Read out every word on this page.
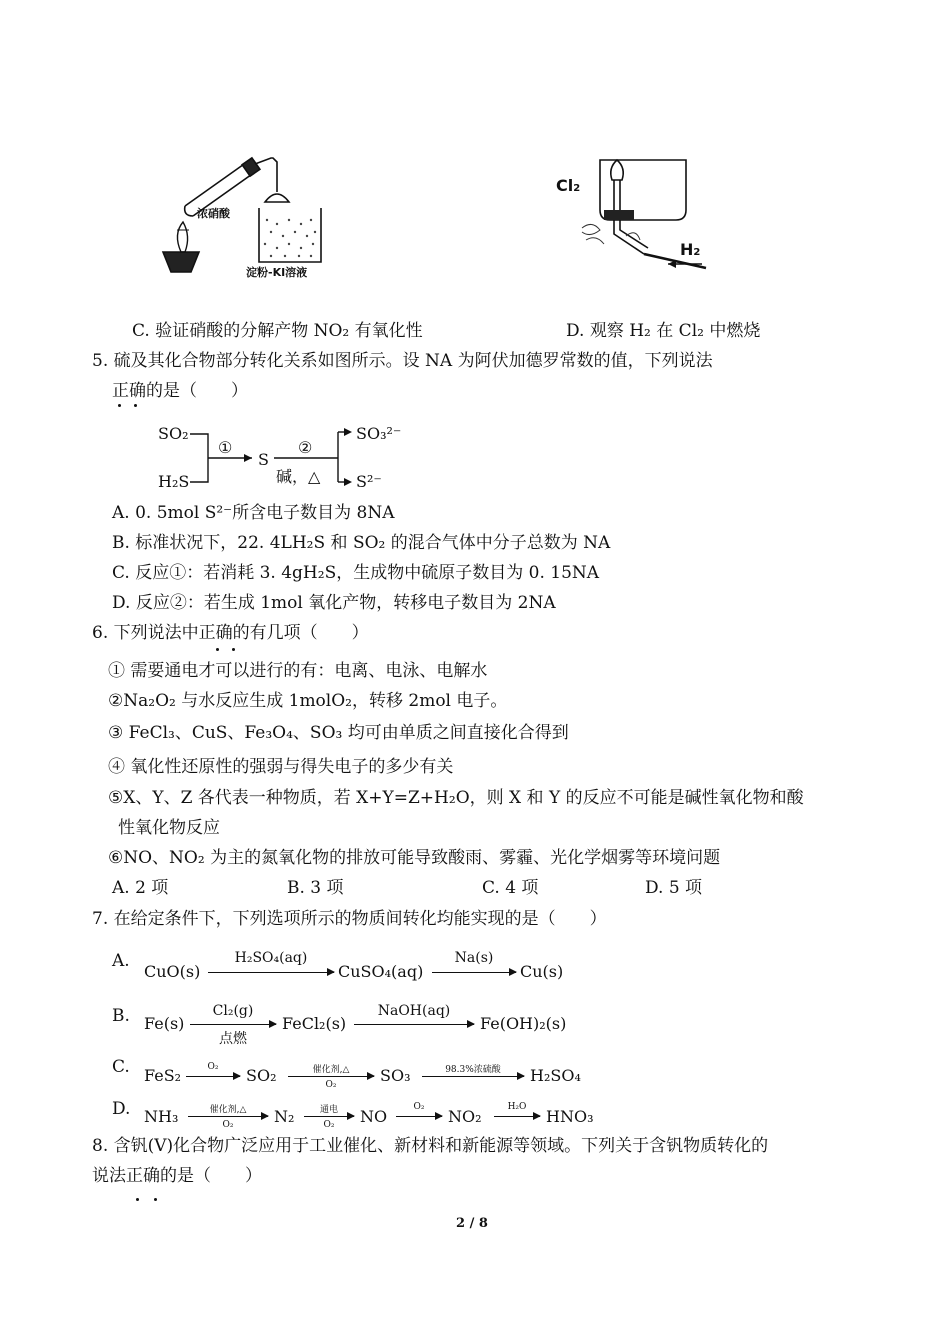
浓硝酸
淀粉-KI溶液
Cl2
H2
C. 验证硝酸的分解产物 NO₂ 有氧化性	D. 观察 H₂ 在 Cl₂ 中燃烧
5. 硫及其化合物部分转化关系如图所示。设 NA 为阿伏加德罗常数的值，下列说法
正确的是（　　）
SO₂
H₂S
①
S
②
碱，△
SO₃²⁻
S²⁻
A. 0. 5mol S²⁻所含电子数目为 8NA
B. 标准状况下，22. 4LH₂S 和 SO₂ 的混合气体中分子总数为 NA
C. 反应①：若消耗 3. 4gH₂S，生成物中硫原子数目为 0. 15NA
D. 反应②：若生成 1mol 氧化产物，转移电子数目为 2NA
6. 下列说法中正确的有几项（　　）
① 需要通电才可以进行的有：电离、电泳、电解水
②Na₂O₂ 与水反应生成 1molO₂，转移 2mol 电子。
③ FeCl₃、CuS、Fe₃O₄、SO₃ 均可由单质之间直接化合得到
④ 氧化性还原性的强弱与得失电子的多少有关
⑤X、Y、Z 各代表一种物质，若 X+Y=Z+H₂O，则 X 和 Y 的反应不可能是碱性氧化物和酸
性氧化物反应
⑥NO、NO₂ 为主的氮氧化物的排放可能导致酸雨、雾霾、光化学烟雾等环境问题
A. 2 项	B. 3 项	C. 4 项	D. 5 项
7. 在给定条件下，下列选项所示的物质间转化均能实现的是（　　）
A.
CuO(s)
H₂SO₄(aq)
CuSO₄(aq)
Na(s)
Cu(s)
B. Fe(s)
Cl₂(g)
点燃
FeCl₂(s)
NaOH(aq)
Fe(OH)₂(s)
C. FeS₂	O₂	SO₂	催化剂,△
O₂	SO₃	98.3%浓硫酸	H₂SO₄
D. NH₃	催化剂,△
O₂	N₂	通电
O₂	NO	O₂	NO₂	H₂O	HNO₃
8. 含钒(V)化合物广泛应用于工业催化、新材料和新能源等领域。下列关于含钒物质转化的
说法正确的是（　　）
2 / 8
